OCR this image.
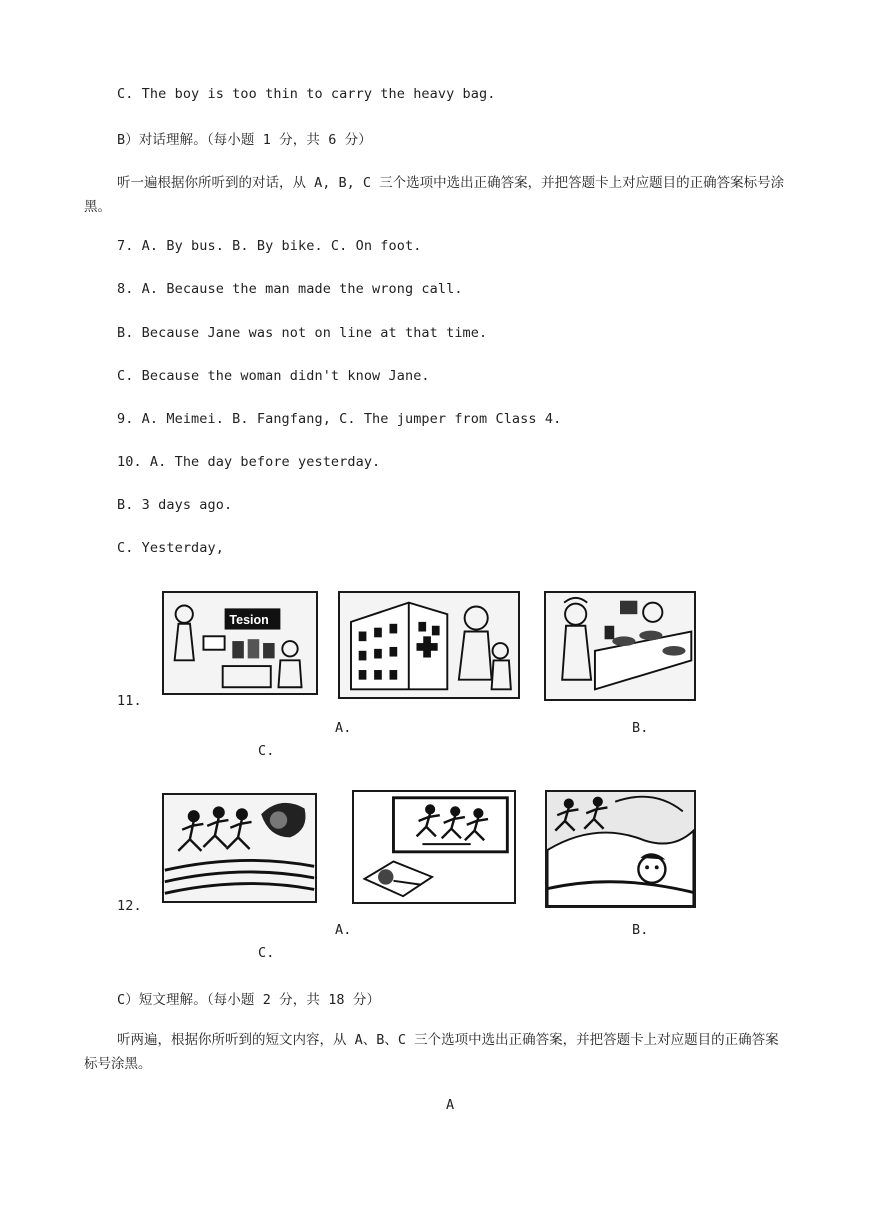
C. The boy is too thin to carry the heavy bag.
B）对话理解。（每小题 1 分，共 6 分）
听一遍根据你所听到的对话，从 A, B, C 三个选项中选出正确答案，并把答题卡上对应题目的正确答案标号涂黑。
7. A. By bus. B. By bike. C. On foot.
8. A. Because the man made the wrong call.
B. Because Jane was not on line at that time.
C. Because the woman didn't know Jane.
9. A. Meimei. B. Fangfang, C. The jumper from Class 4.
10. A. The day before yesterday.
B. 3 days ago.
C. Yesterday,
Tesion
11.
A.	B.
C.
12.
A.	B.
C.
C）短文理解。（每小题 2 分，共 18 分）
听两遍，根据你所听到的短文内容，从 A、B、C 三个选项中选出正确答案，并把答题卡上对应题目的正确答案标号涂黑。
A
